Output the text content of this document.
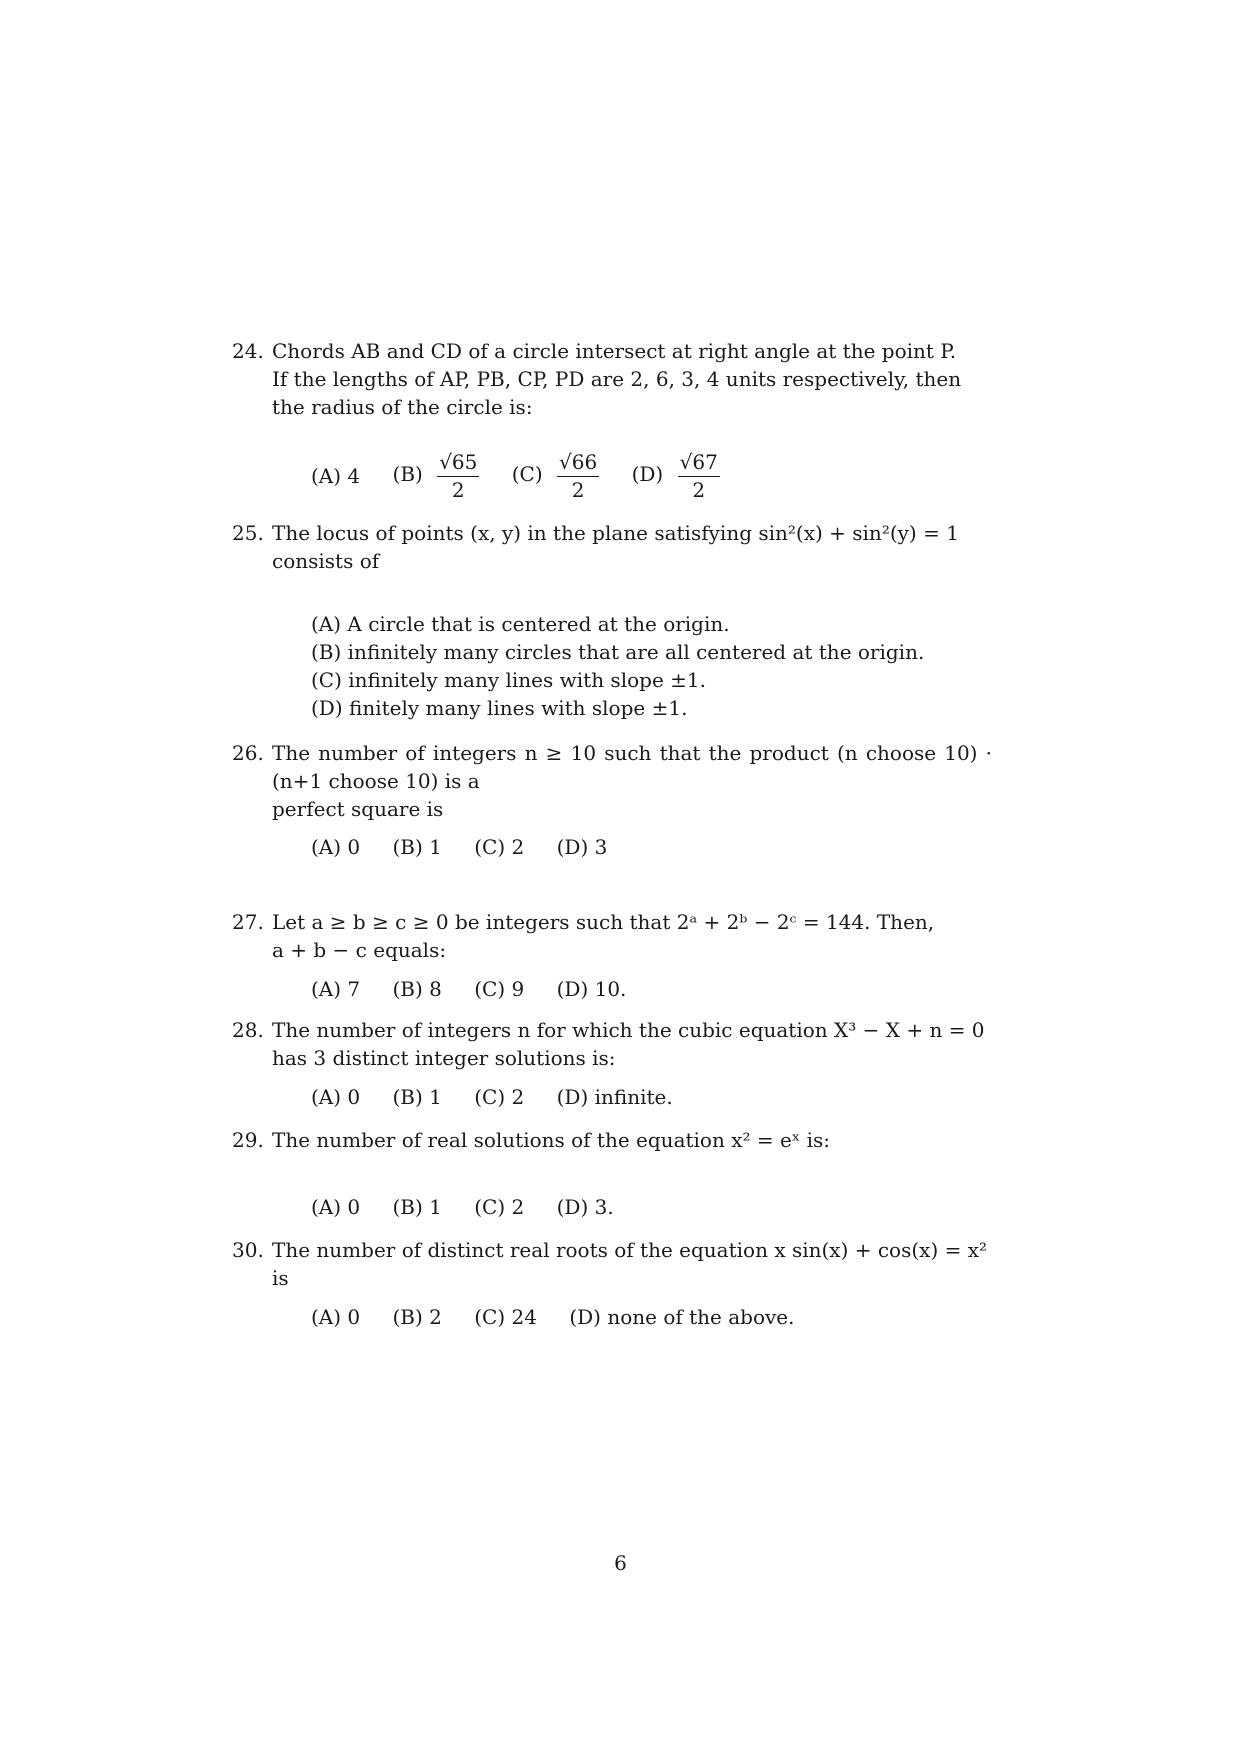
24. Chords AB and CD of a circle intersect at right angle at the point P.
If the lengths of AP, PB, CP, PD are 2, 6, 3, 4 units respectively, then
the radius of the circle is:
(A) 4 $(B) \frac{√65}{2} (C) \frac{√66}{2} (D) \frac{√67}{2}$
25. The locus of points (x, y) in the plane satisfying sin²(x) + sin²(y) = 1
consists of
(A) A circle that is centered at the origin.
(B) infinitely many circles that are all centered at the origin.
(C) infinitely many lines with slope ±1.
(D) finitely many lines with slope ±1.
26. The number of integers n ≥ 10 such that the product (n choose 10) · (n+1 choose 10) is a
perfect square is
(A) 0 (B) 1 (C) 2 (D) 3
27. Let a ≥ b ≥ c ≥ 0 be integers such that 2ᵃ + 2ᵇ − 2ᶜ = 144. Then,
a + b − c equals:
(A) 7 (B) 8 (C) 9 (D) 10.
28. The number of integers n for which the cubic equation X³ − X + n = 0
has 3 distinct integer solutions is:
(A) 0 (B) 1 (C) 2 (D) infinite.
29. The number of real solutions of the equation x² = eˣ is:
(A) 0 (B) 1 (C) 2 (D) 3.
30. The number of distinct real roots of the equation x sin(x) + cos(x) = x²
is
(A) 0 (B) 2 (C) 24 (D) none of the above.
6
